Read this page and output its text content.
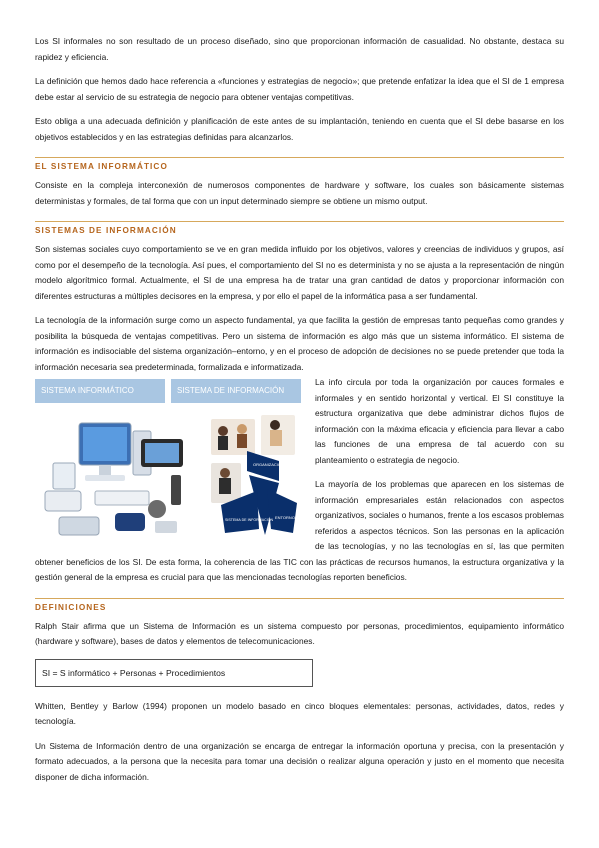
Los SI informales no son resultado de un proceso diseñado, sino que proporcionan información de casualidad. No obstante, destaca su rapidez y eficiencia.

La definición que hemos dado hace referencia a «funciones y estrategias de negocio»; que pretende enfatizar la idea que el SI de 1 empresa debe estar al servicio de su estrategia de negocio para obtener ventajas competitivas.

Esto obliga a una adecuada definición y planificación de este antes de su implantación, teniendo en cuenta que el SI debe basarse en los objetivos establecidos y en las estrategias definidas para alcanzarlos.

EL SISTEMA INFORMÁTICO

Consiste en la compleja interconexión de numerosos componentes de hardware y software, los cuales son básicamente sistemas deterministas y formales, de tal forma que con un input determinado siempre se obtiene un mismo output.

SISTEMAS DE INFORMACIÓN

Son sistemas sociales cuyo comportamiento se ve en gran medida influido por los objetivos, valores y creencias de individuos y grupos, así como por el desempeño de la tecnología. Así pues, el comportamiento del SI no es determinista y no se ajusta a la representación de ningún modelo algorítmico formal. Actualmente, el SI de una empresa ha de tratar una gran cantidad de datos y proporcionar información con diferentes estructuras a múltiples decisores en la empresa, y por ello el papel de la informática pasa a ser fundamental.

La tecnología de la información surge como un aspecto fundamental, ya que facilita la gestión de empresas tanto pequeñas como grandes y posibilita la búsqueda de ventajas competitivas. Pero un sistema de información es algo más que un sistema informático. El sistema de información es indisociable del sistema organización–entorno, y en el proceso de adopción de decisiones no se puede pretender que toda la información necesaria sea predeterminada, formalizada e informatizada.

SISTEMA INFORMÁTICO	SISTEMA DE INFORMACIÓN
ORGANIZACIÓN
SISTEMA DE INFORMACIÓN ENTORNO

La info circula por toda la organización por cauces formales e informales y en sentido horizontal y vertical. El SI constituye la estructura organizativa que debe administrar dichos flujos de información con la máxima eficacia y eficiencia para llevar a cabo las funciones de una empresa de tal acuerdo con su planteamiento o estrategia de negocio.

La mayoría de los problemas que aparecen en los sistemas de información empresariales están relacionados con aspectos organizativos, sociales o humanos, frente a los escasos problemas referidos a aspectos técnicos. Son las personas en la aplicación de las tecnologías, y no las tecnologías en sí, las que permiten obtener beneficios de los SI. De esta forma, la coherencia de las TIC con las prácticas de recursos humanos, la estructura organizativa y la gestión general de la empresa es crucial para que las mencionadas tecnologías reporten beneficios.

DEFINICIONES

Ralph Stair afirma que un Sistema de Información es un sistema compuesto por personas, procedimientos, equipamiento informático (hardware y software), bases de datos y elementos de telecomunicaciones.

SI = S informático + Personas + Procedimientos

Whitten, Bentley y Barlow (1994) proponen un modelo basado en cinco bloques elementales: personas, actividades, datos, redes y tecnología.

Un Sistema de Información dentro de una organización se encarga de entregar la información oportuna y precisa, con la presentación y formato adecuados, a la persona que la necesita para tomar una decisión o realizar alguna operación y justo en el momento que necesita disponer de dicha información.
